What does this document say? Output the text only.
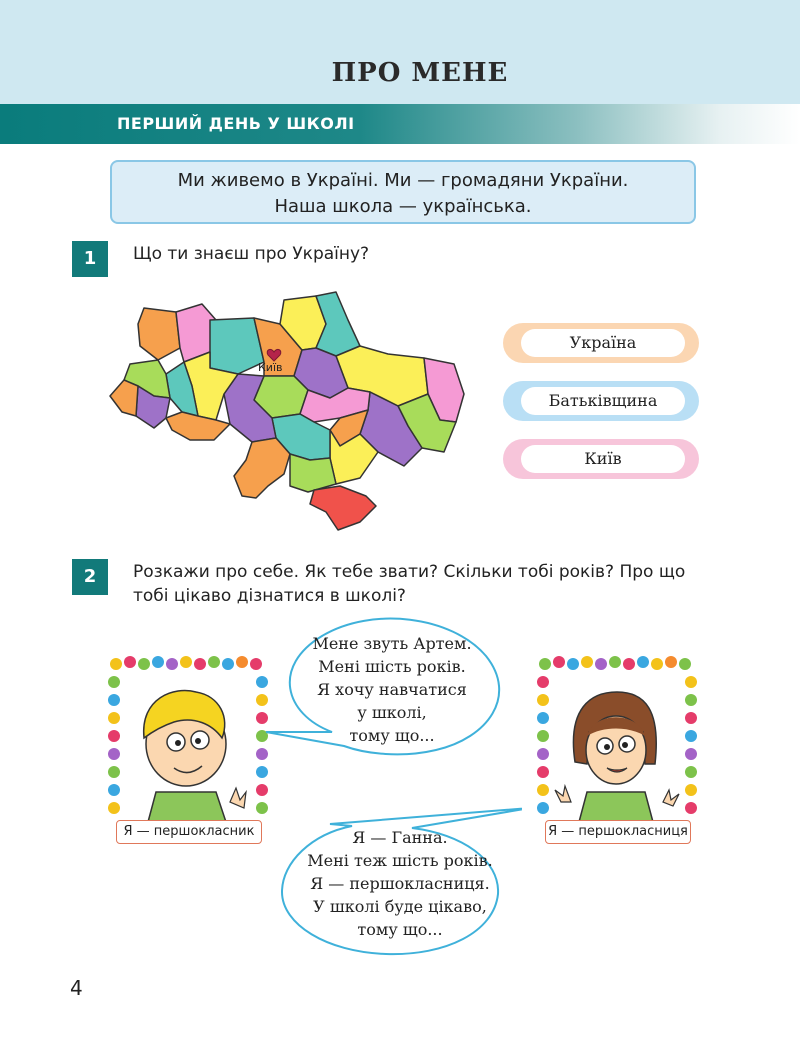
ПРО МЕНЕ
ПЕРШИЙ ДЕНЬ У ШКОЛІ
Ми живемо в Україні. Ми — громадяни України.
Наша школа — українська.
1	Що ти знаєш про Україну?
Київ
Україна
Батьківщина
Київ
2	Розкажи про себе. Як тебе звати? Скільки тобі років? Про що
тобі цікаво дізнатися в школі?
Я — першокласник	Я — першокласниця
Мене звуть Артем.
Мені шість років.
Я хочу навчатися
у школі,
тому що...
Я — Ганна.
Мені теж шість років.
Я — першокласниця.
У школі буде цікаво,
тому що...
4
